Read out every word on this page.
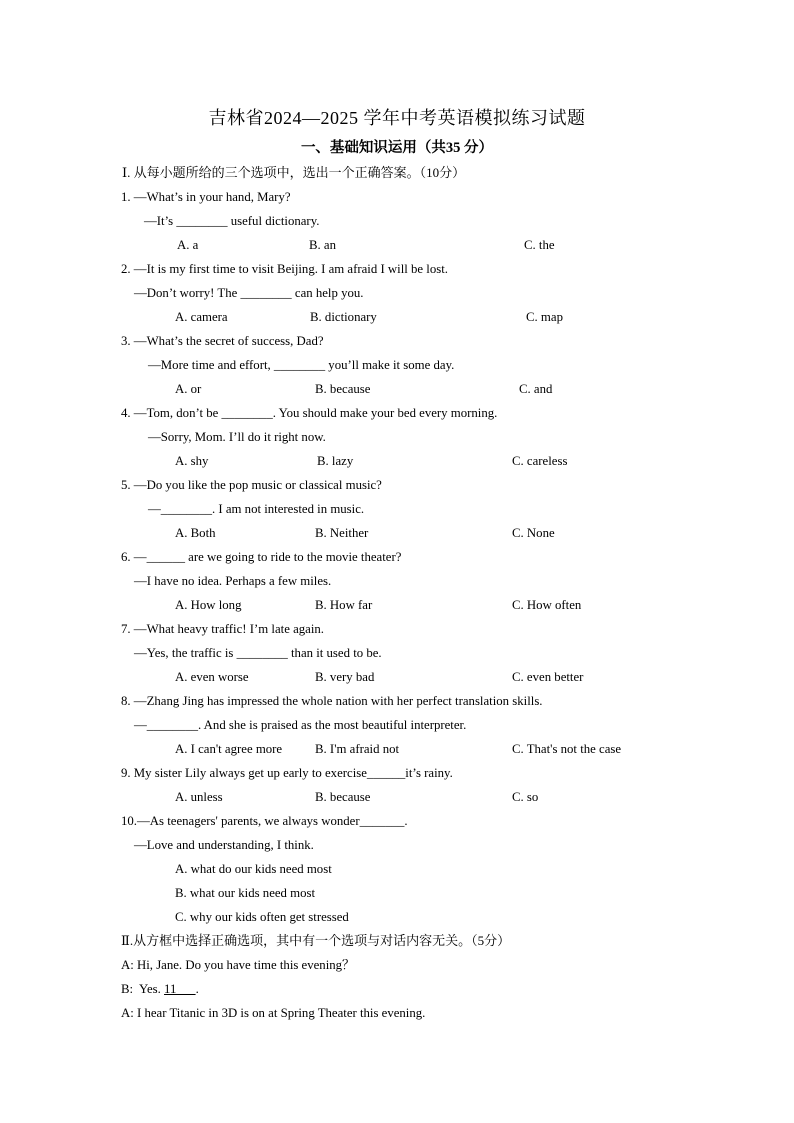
吉林省2024—2025 学年中考英语模拟练习试题
一、基础知识运用（共35 分）
Ⅰ. 从每小题所给的三个选项中，选出一个正确答案。（10分）
1. —What’s in your hand, Mary?
—It’s ________ useful dictionary.
A. a	B. an	C. the
2. —It is my first time to visit Beijing. I am afraid I will be lost.
—Don’t worry! The ________ can help you.
A. camera	B. dictionary	C. map
3. —What’s the secret of success, Dad?
—More time and effort, ________ you’ll make it some day.
A. or	B. because	C. and
4. —Tom, don’t be ________. You should make your bed every morning.
—Sorry, Mom. I’ll do it right now.
A. shy	B. lazy	C. careless
5. —Do you like the pop music or classical music?
—________. I am not interested in music.
A. Both	B. Neither	C. None
6. —______ are we going to ride to the movie theater?
—I have no idea. Perhaps a few miles.
A. How long	B. How far	C. How often
7. —What heavy traffic! I’m late again.
—Yes, the traffic is ________ than it used to be.
A. even worse	B. very bad	C. even better
8. —Zhang Jing has impressed the whole nation with her perfect translation skills.
—________. And she is praised as the most beautiful interpreter.
A. I can't agree more	B. I'm afraid not	C. That's not the case
9. My sister Lily always get up early to exercise______it’s rainy.
A. unless	B. because	C. so
10.—As teenagers' parents, we always wonder_______.
—Love and understanding, I think.
A. what do our kids need most
B. what our kids need most
C. why our kids often get stressed
Ⅱ.从方框中选择正确选项，其中有一个选项与对话内容无关。（5分）
A: Hi, Jane. Do you have time this evening？
B:  Yes. 11      .
A: I hear Titanic in 3D is on at Spring Theater this evening.
